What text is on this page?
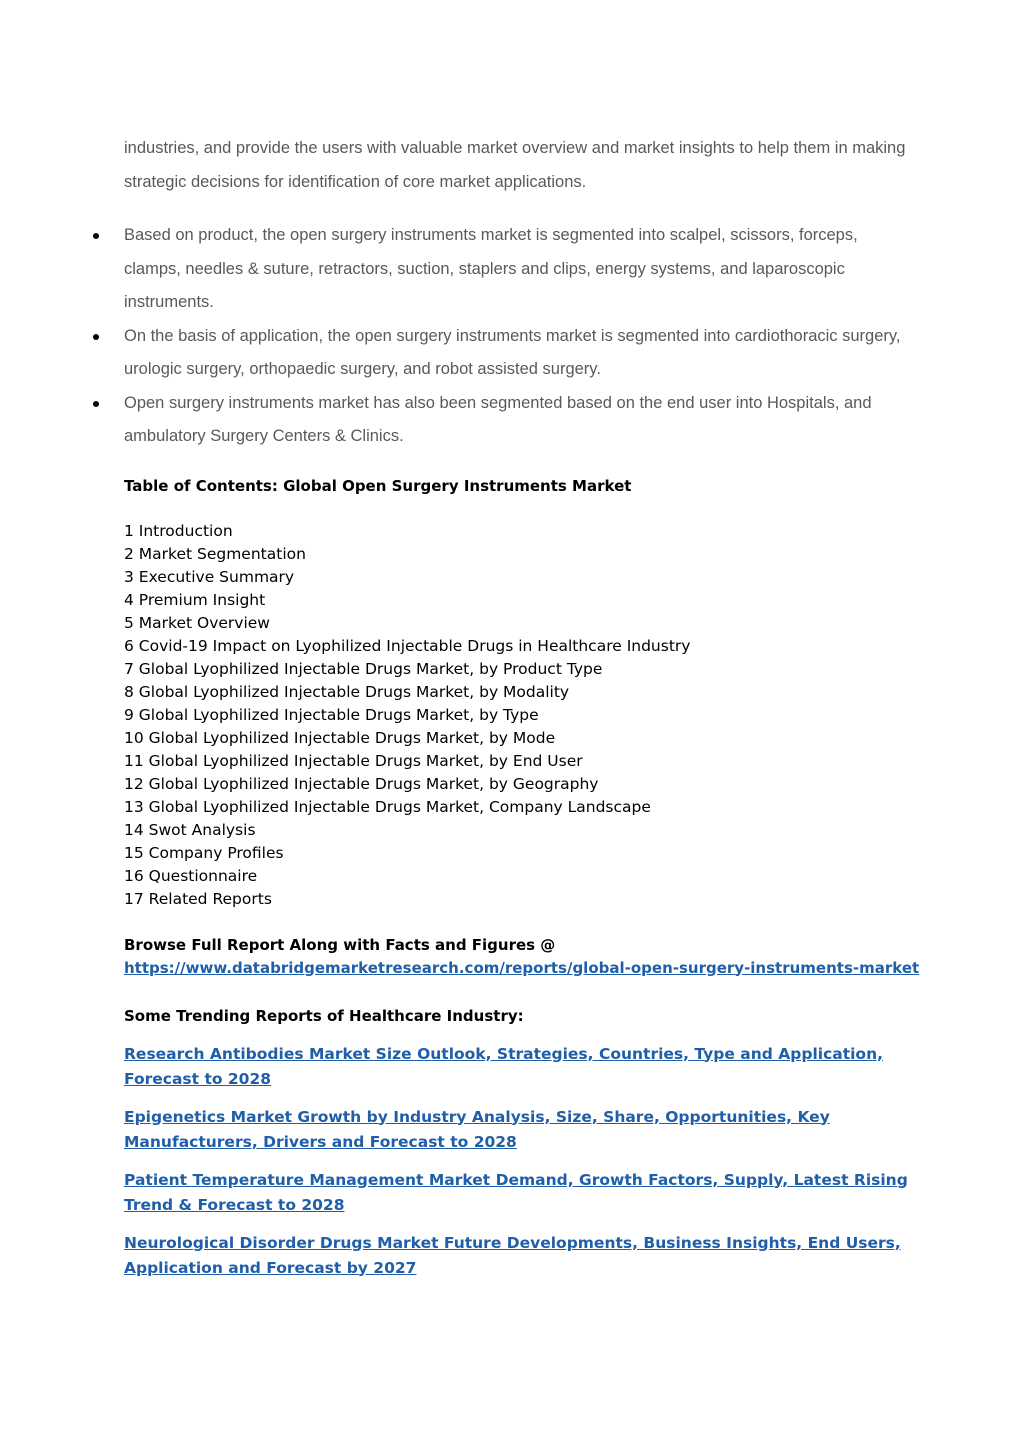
industries, and provide the users with valuable market overview and market insights to help them in making strategic decisions for identification of core market applications.

Based on product, the open surgery instruments market is segmented into scalpel, scissors, forceps, clamps, needles & suture, retractors, suction, staplers and clips, energy systems, and laparoscopic instruments.
On the basis of application, the open surgery instruments market is segmented into cardiothoracic surgery, urologic surgery, orthopaedic surgery, and robot assisted surgery.
Open surgery instruments market has also been segmented based on the end user into Hospitals, and ambulatory Surgery Centers & Clinics.
Table of Contents: Global Open Surgery Instruments Market
1 Introduction
2 Market Segmentation
3 Executive Summary
4 Premium Insight
5 Market Overview
6 Covid-19 Impact on Lyophilized Injectable Drugs in Healthcare Industry
7 Global Lyophilized Injectable Drugs Market, by Product Type
8 Global Lyophilized Injectable Drugs Market, by Modality
9 Global Lyophilized Injectable Drugs Market, by Type
10 Global Lyophilized Injectable Drugs Market, by Mode
11 Global Lyophilized Injectable Drugs Market, by End User
12 Global Lyophilized Injectable Drugs Market, by Geography
13 Global Lyophilized Injectable Drugs Market, Company Landscape
14 Swot Analysis
15 Company Profiles
16 Questionnaire
17 Related Reports
Browse Full Report Along with Facts and Figures @
https://www.databridgemarketresearch.com/reports/global-open-surgery-instruments-market
Some Trending Reports of Healthcare Industry:
Research Antibodies Market Size Outlook, Strategies, Countries, Type and Application, Forecast to 2028
Epigenetics Market Growth by Industry Analysis, Size, Share, Opportunities, Key Manufacturers, Drivers and Forecast to 2028
Patient Temperature Management Market Demand, Growth Factors, Supply, Latest Rising Trend & Forecast to 2028
Neurological Disorder Drugs Market Future Developments, Business Insights, End Users, Application and Forecast by 2027
